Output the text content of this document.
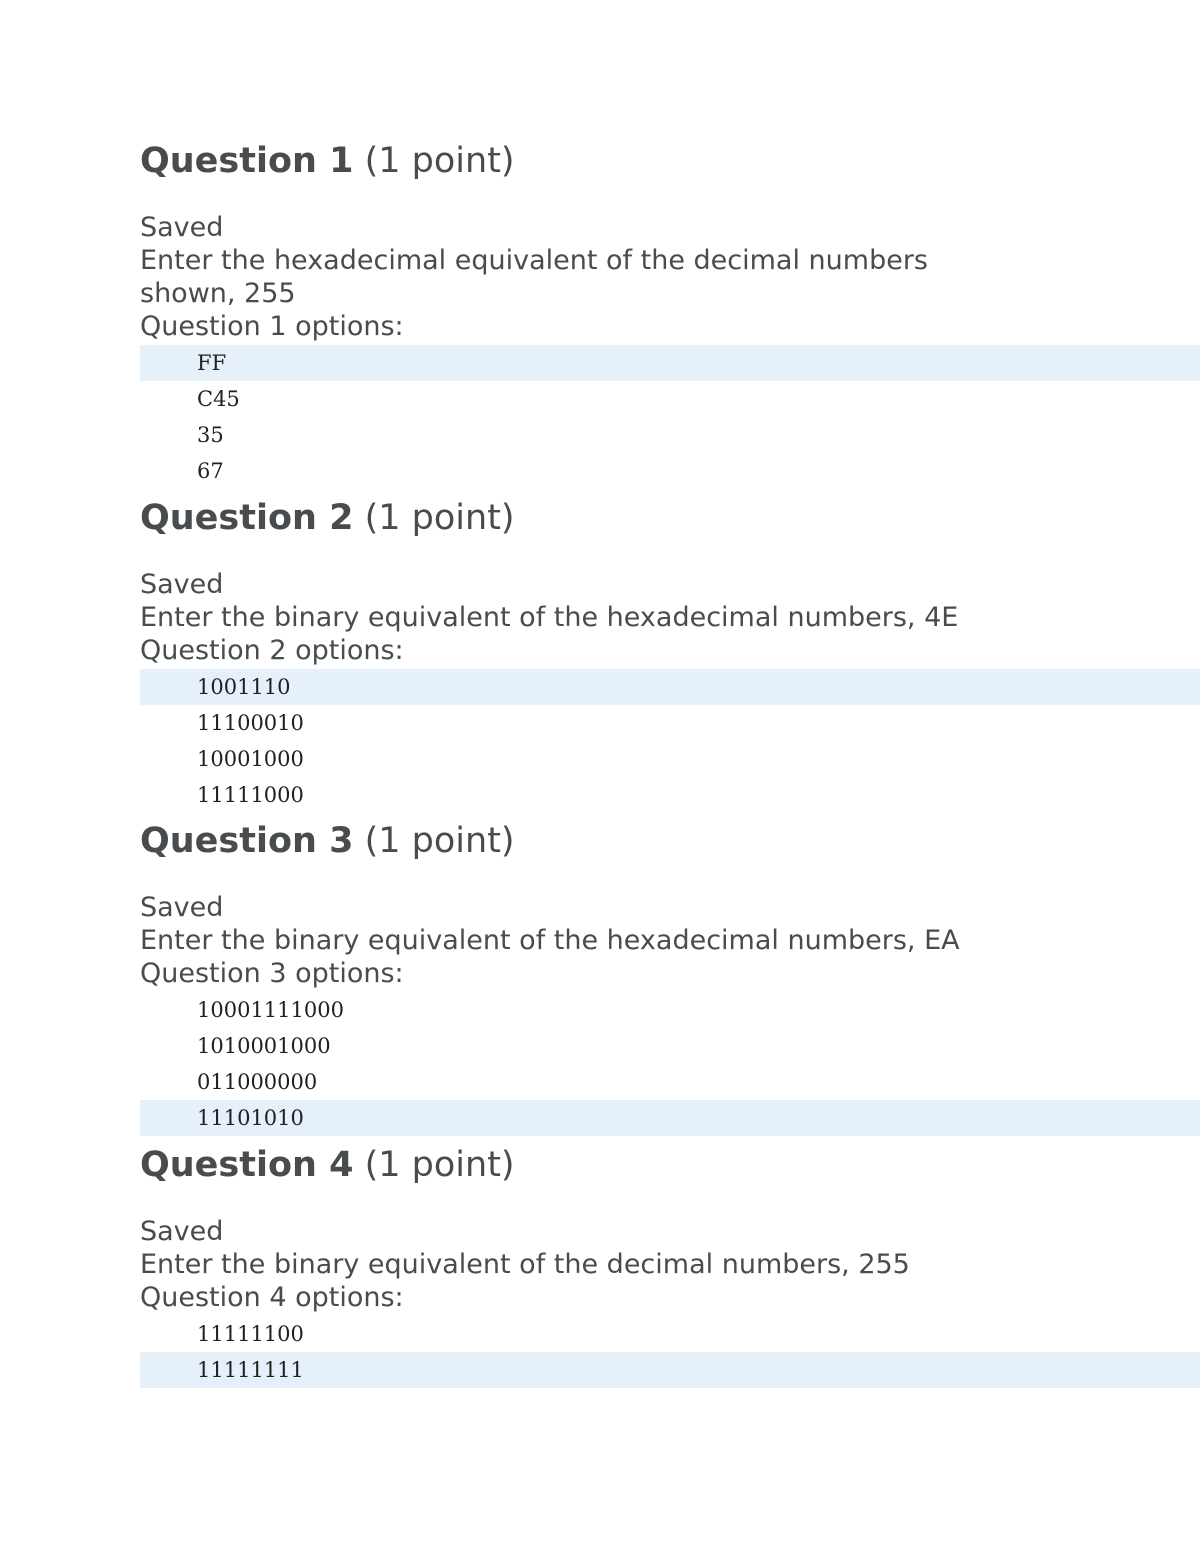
Question 1 (1 point)
Saved
Enter the hexadecimal equivalent of the decimal numbers
shown, 255
Question 1 options:
FF
C45
35
67
Question 2 (1 point)
Saved
Enter the binary equivalent of the hexadecimal numbers, 4E
Question 2 options:
1001110
11100010
10001000
11111000
Question 3 (1 point)
Saved
Enter the binary equivalent of the hexadecimal numbers, EA
Question 3 options:
10001111000
1010001000
011000000
11101010
Question 4 (1 point)
Saved
Enter the binary equivalent of the decimal numbers, 255
Question 4 options:
11111100
11111111
